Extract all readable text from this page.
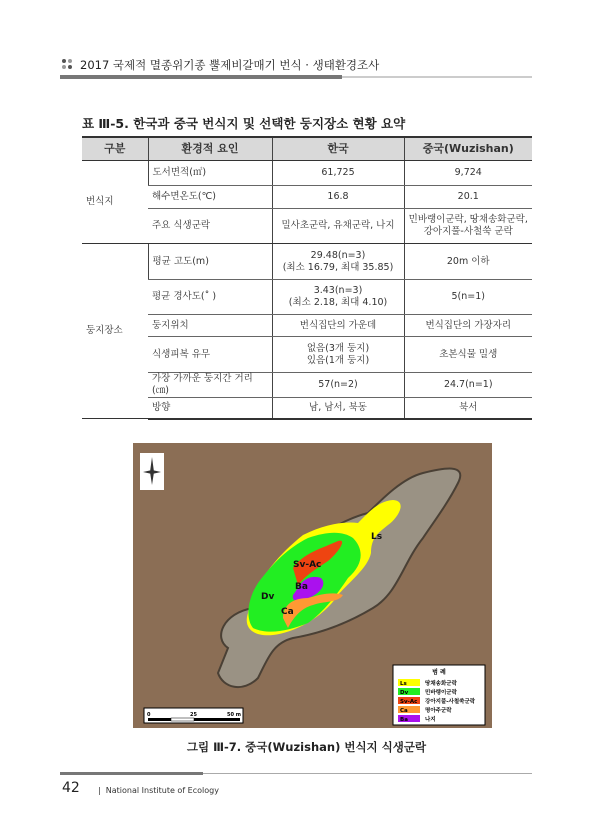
2017 국제적 멸종위기종 뿔제비갈매기 번식 · 생태환경조사
표 Ⅲ-5. 한국과 중국 번식지 및 선택한 둥지장소 현황 요약
구분	환경적 요인	한국	중국(Wuzishan)
번식지	도서면적(㎡)	61,725	9,724
	해수면온도(℃)	16.8	20.1
	주요 식생군락	밀사초군락, 유채군락, 나지	민바랭이군락, 땅채송화군락,
강아지풀-사철쑥 군락
둥지장소	평균 고도(m)	29.48(n=3)
(최소 16.79, 최대 35.85)	20m 이하
	평균 경사도(˚ )	3.43(n=3)
(최소 2.18, 최대 4.10)	5(n=1)
	둥지위치	번식집단의 가운데	번식집단의 가장자리
	식생피복 유무	없음(3개 둥지)
있음(1개 둥지)	초본식물 밀생
	가장 가까운 둥지간 거리(㎝)	57(n=2)	24.7(n=1)
	방향	남, 남서, 북동	북서
Ls
Sv-Ac
Ba
Dv
Ca
0	25	50 m
범 례
Ls	땅채송화군락
Dv	민바랭이군락
Sv-Ac 강아지풀-사철쑥군락
Ca	명아주군락
Ba	나지
그림 Ⅲ-7. 중국(Wuzishan) 번식지 식생군락
42 |  National Institute of Ecology
